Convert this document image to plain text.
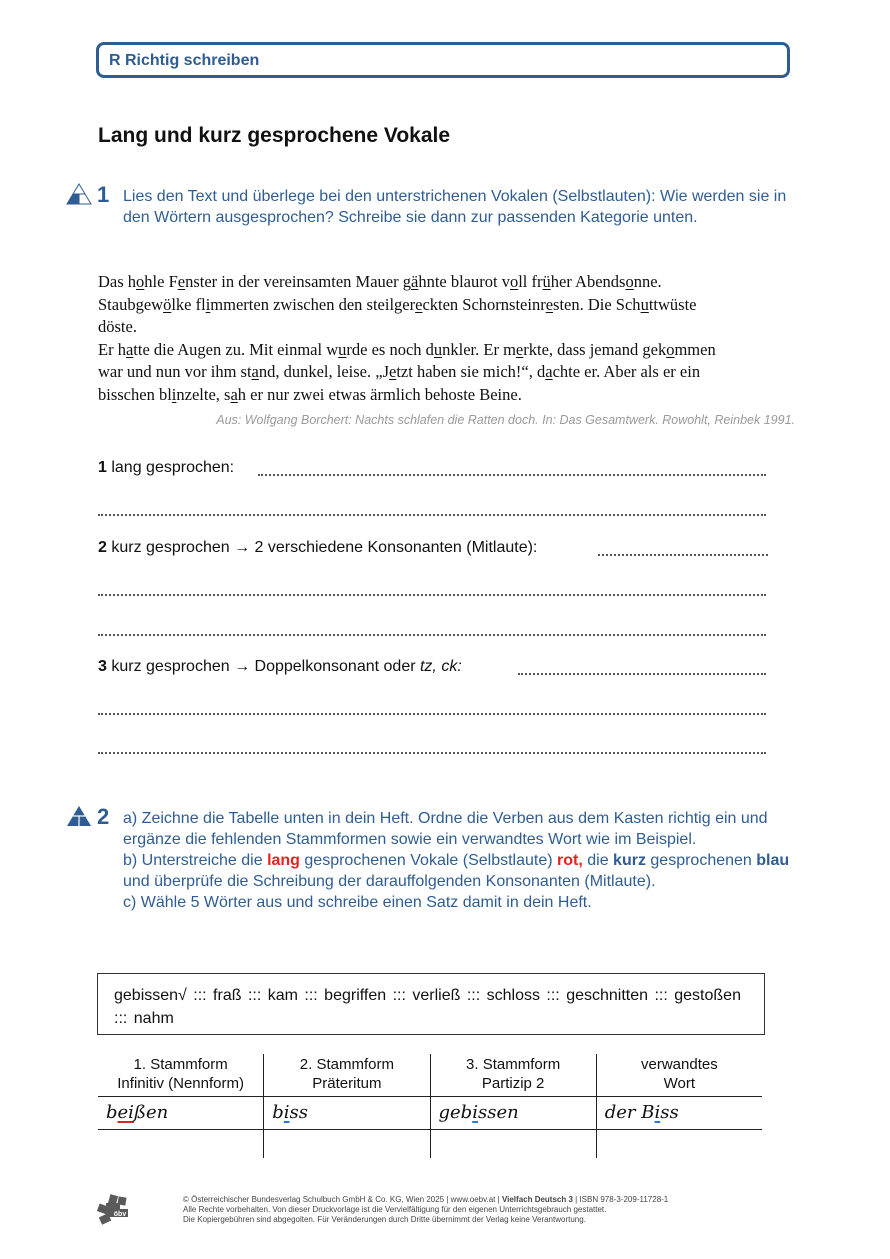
R Richtig schreiben
Lang und kurz gesprochene Vokale
1 Lies den Text und überlege bei den unterstrichenen Vokalen (Selbstlauten): Wie werden sie in den Wörtern ausgesprochen? Schreibe sie dann zur passenden Kategorie unten.

Das hohle Fenster in der vereinsamten Mauer gähnte blaurot voll früher Abendsonne.

Staubgewölke flimmerten zwischen den steilgereckten Schornsteinresten. Die Schuttwüste

döste.

Er hatte die Augen zu. Mit einmal wurde es noch dunkler. Er merkte, dass jemand gekommen

war und nun vor ihm stand, dunkel, leise. „Jetzt haben sie mich!“, dachte er. Aber als er ein

bisschen blinzelte, sah er nur zwei etwas ärmlich behoste Beine.

Aus: Wolfgang Borchert: Nachts schlafen die Ratten doch. In: Das Gesamtwerk. Rowohlt, Reinbek 1991.
1 lang gesprochen:
2 kurz gesprochen → 2 verschiedene Konsonanten (Mitlaute):
3 kurz gesprochen → Doppelkonsonant oder tz, ck:
2 a) Zeichne die Tabelle unten in dein Heft. Ordne die Verben aus dem Kasten richtig ein und ergänze die fehlenden Stammformen sowie ein verwandtes Wort wie im Beispiel.
b) Unterstreiche die lang gesprochenen Vokale (Selbstlaute) rot, die kurz gesprochenen blau und überprüfe die Schreibung der darauffolgenden Konsonanten (Mitlaute).
c) Wähle 5 Wörter aus und schreibe einen Satz damit in dein Heft.
gebissen√ ::: fraß ::: kam ::: begriffen ::: verließ ::: schloss ::: geschnitten ::: gestoßen ::: nahm
1. Stammform
Infinitiv (Nennform)
2. Stammform
Präteritum
3. Stammform
Partizip 2
verwandtes
Wort
beißen	biss	gebissen	der Biss
öbv
© Österreichischer Bundesverlag Schulbuch GmbH & Co. KG, Wien 2025 | www.oebv.at | Vielfach Deutsch 3 | ISBN 978-3-209-11728-1
Alle Rechte vorbehalten. Von dieser Druckvorlage ist die Vervielfältigung für den eigenen Unterrichtsgebrauch gestattet.
Die Kopiergebühren sind abgegolten. Für Veränderungen durch Dritte übernimmt der Verlag keine Verantwortung.
